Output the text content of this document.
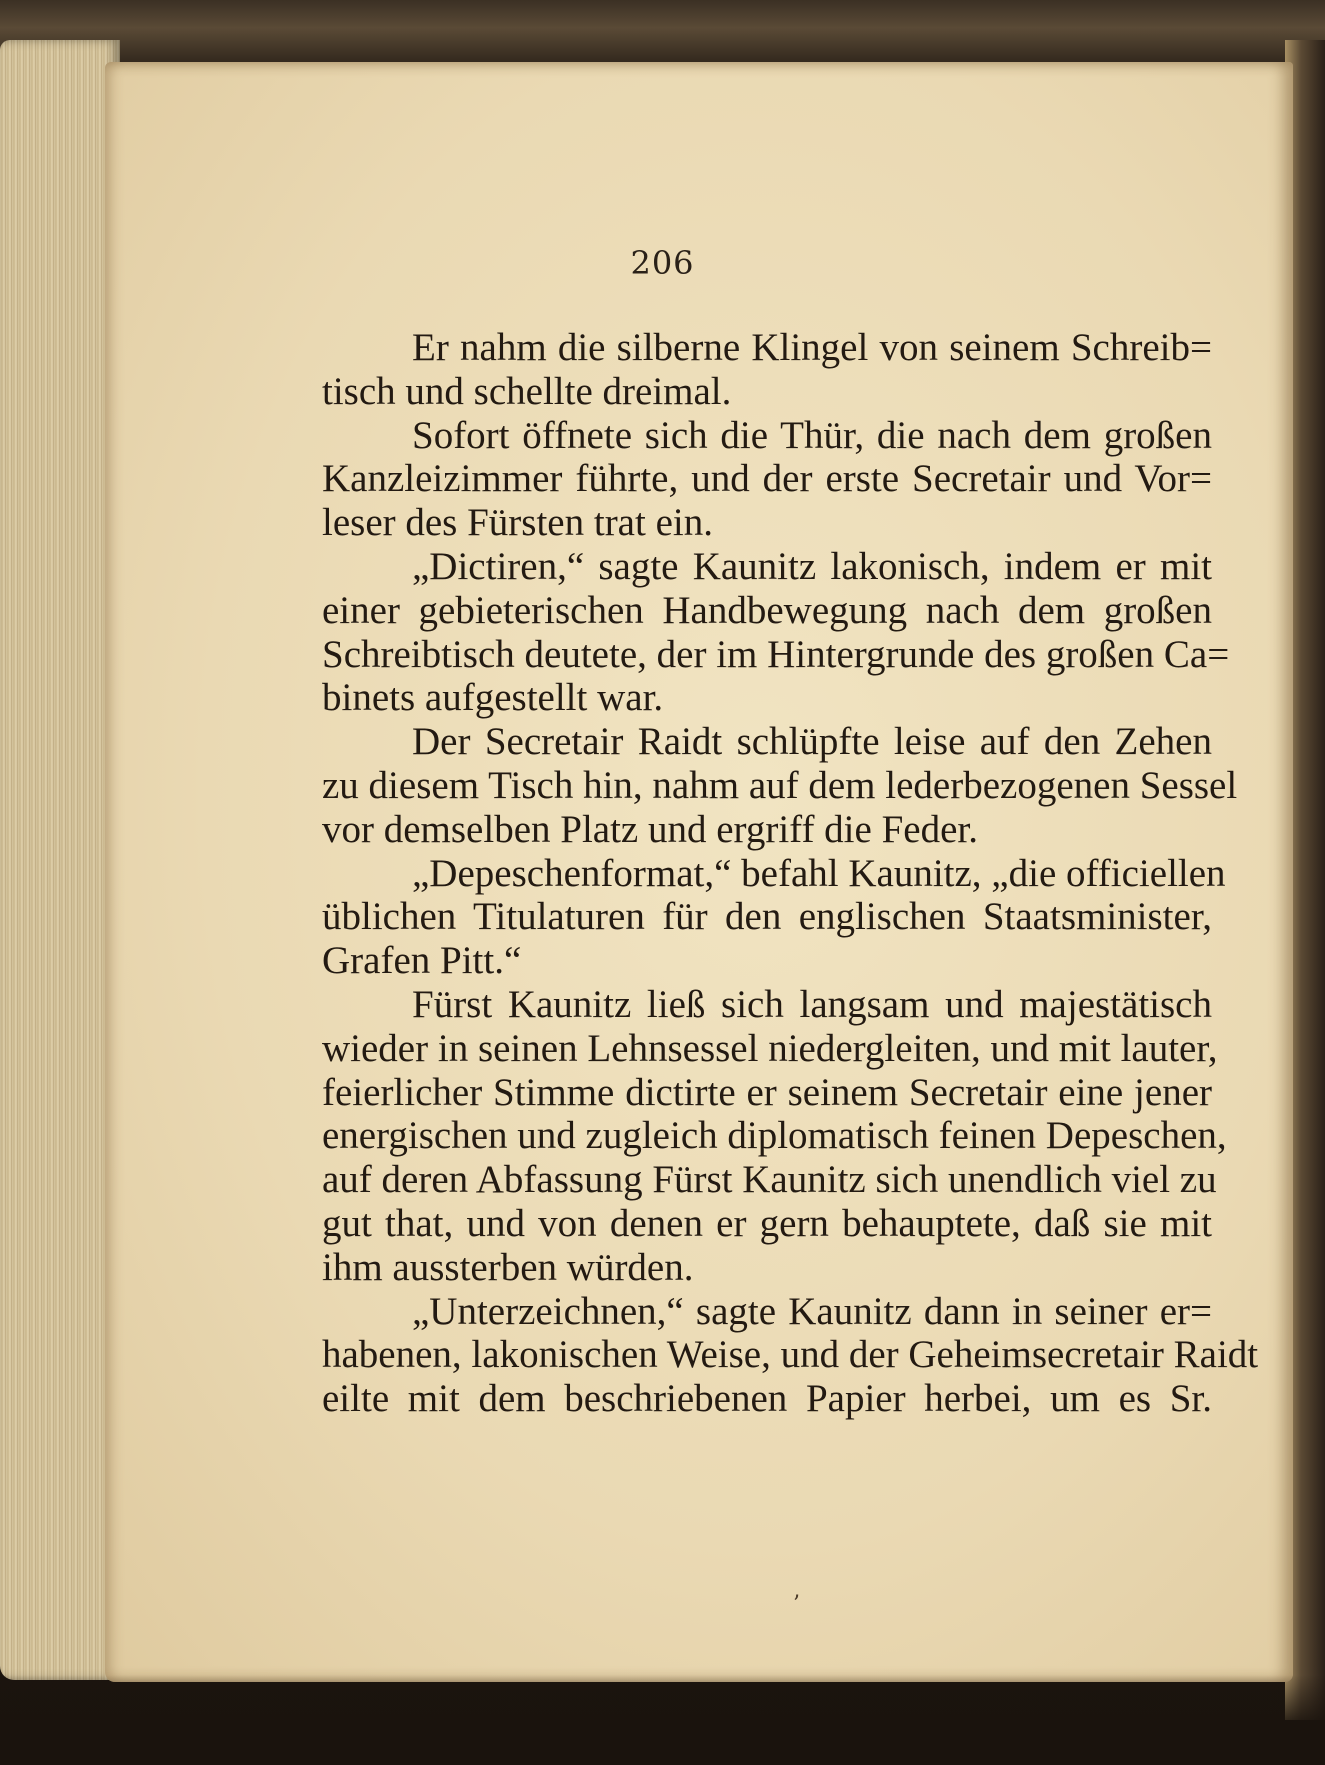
206
Er nahm die silberne Klingel von seinem Schreib=
tisch und schellte dreimal.
Sofort öffnete sich die Thür, die nach dem großen
Kanzleizimmer führte, und der erste Secretair und Vor=
leser des Fürsten trat ein.
„Dictiren,“ sagte Kaunitz lakonisch, indem er mit
einer gebieterischen Handbewegung nach dem großen
Schreibtisch deutete, der im Hintergrunde des großen Ca=
binets aufgestellt war.
Der Secretair Raidt schlüpfte leise auf den Zehen
zu diesem Tisch hin, nahm auf dem lederbezogenen Sessel
vor demselben Platz und ergriff die Feder.
„Depeschenformat,“ befahl Kaunitz, „die officiellen
üblichen Titulaturen für den englischen Staatsminister,
Grafen Pitt.“
Fürst Kaunitz ließ sich langsam und majestätisch
wieder in seinen Lehnsessel niedergleiten, und mit lauter,
feierlicher Stimme dictirte er seinem Secretair eine jener
energischen und zugleich diplomatisch feinen Depeschen,
auf deren Abfassung Fürst Kaunitz sich unendlich viel zu
gut that, und von denen er gern behauptete, daß sie mit
ihm aussterben würden.
„Unterzeichnen,“ sagte Kaunitz dann in seiner er=
habenen, lakonischen Weise, und der Geheimsecretair Raidt
eilte mit dem beschriebenen Papier herbei, um es Sr.
’
